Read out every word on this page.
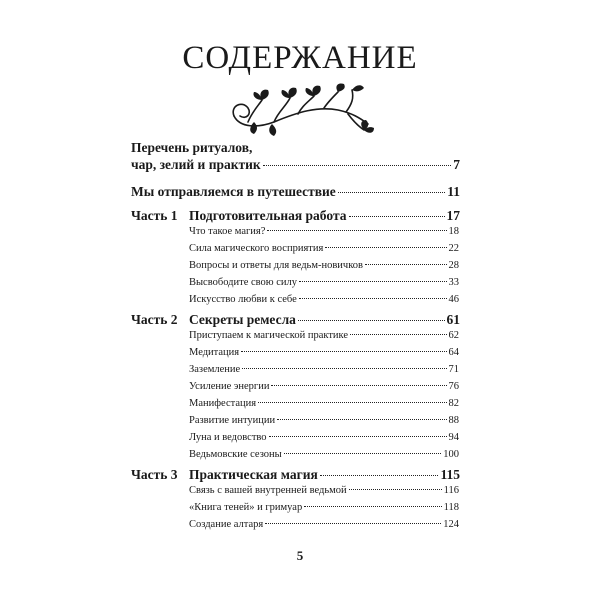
СОДЕРЖАНИЕ
Перечень ритуалов,
чар, зелий и практик	7
Мы отправляемся в путешествие	11
Часть 1 Подготовительная работа	17
Что такое магия?	18
Сила магического восприятия	22
Вопросы и ответы для ведьм-новичков	28
Высвободите свою силу	33
Искусство любви к себе	46
Часть 2 Секреты ремесла	61
Приступаем к магической практике	62
Медитация	64
Заземление	71
Усиление энергии	76
Манифестация	82
Развитие интуиции	88
Луна и ведовство	94
Ведьмовские сезоны	100
Часть 3 Практическая магия	115
Связь с вашей внутренней ведьмой	116
«Книга теней» и гримуар	118
Создание алтаря	124
5
